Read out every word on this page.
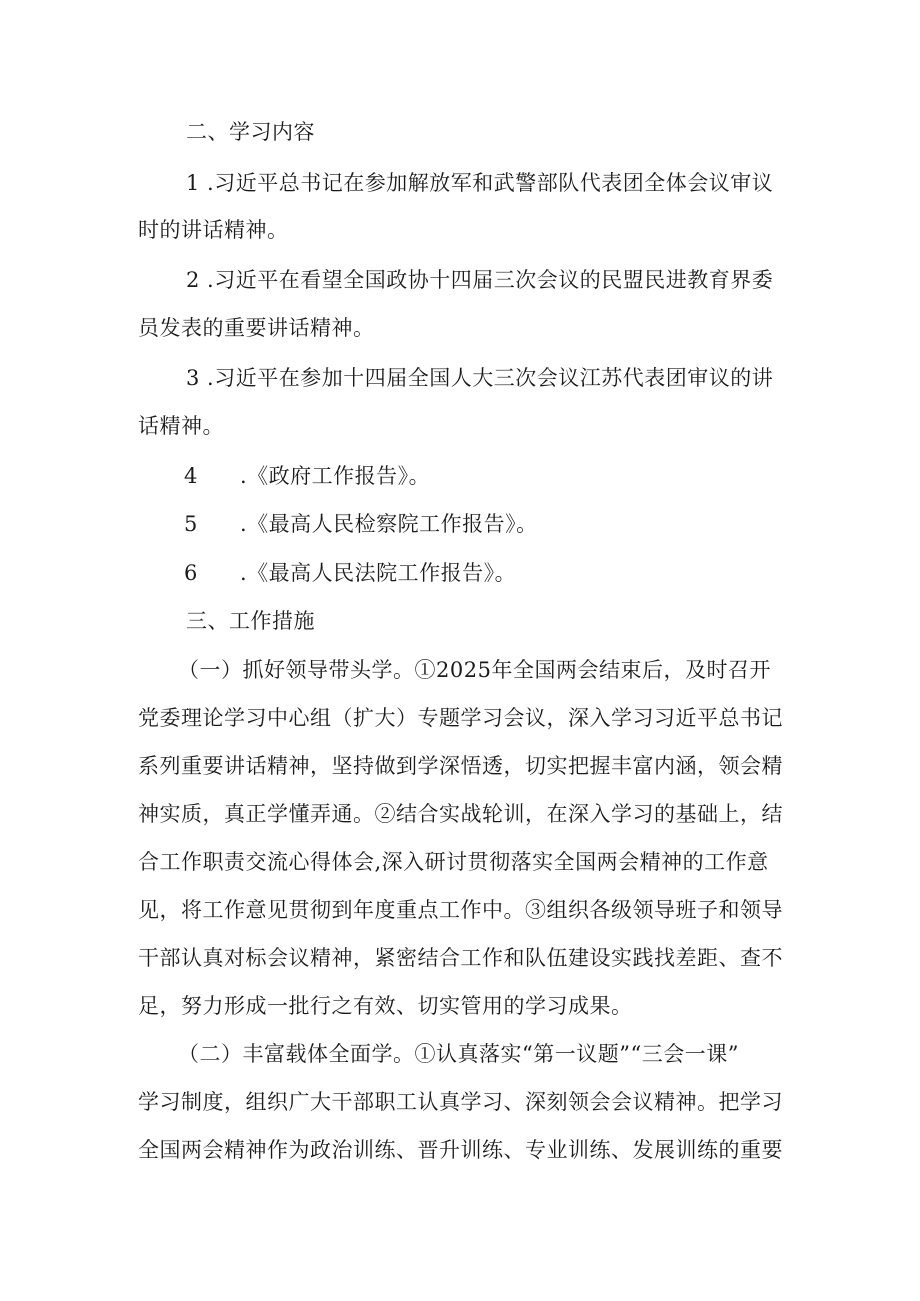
二、学习内容
1 .习近平总书记在参加解放军和武警部队代表团全体会议审议
时的讲话精神。
2 .习近平在看望全国政协十四届三次会议的民盟民进教育界委
员发表的重要讲话精神。
3 .习近平在参加十四届全国人大三次会议江苏代表团审议的讲
话精神。
4 .《政府工作报告》。
5 .《最高人民检察院工作报告》。
6 .《最高人民法院工作报告》。
三、工作措施
（一）抓好领导带头学。①2025年全国两会结束后，及时召开
党委理论学习中心组（扩大）专题学习会议，深入学习习近平总书记
系列重要讲话精神，坚持做到学深悟透，切实把握丰富内涵，领会精
神实质，真正学懂弄通。②结合实战轮训，在深入学习的基础上，结
合工作职责交流心得体会,深入研讨贯彻落实全国两会精神的工作意
见，将工作意见贯彻到年度重点工作中。③组织各级领导班子和领导
干部认真对标会议精神，紧密结合工作和队伍建设实践找差距、查不
足，努力形成一批行之有效、切实管用的学习成果。
（二）丰富载体全面学。①认真落实“第一议题”“三会一课”
学习制度，组织广大干部职工认真学习、深刻领会会议精神。把学习
全国两会精神作为政治训练、晋升训练、专业训练、发展训练的重要
